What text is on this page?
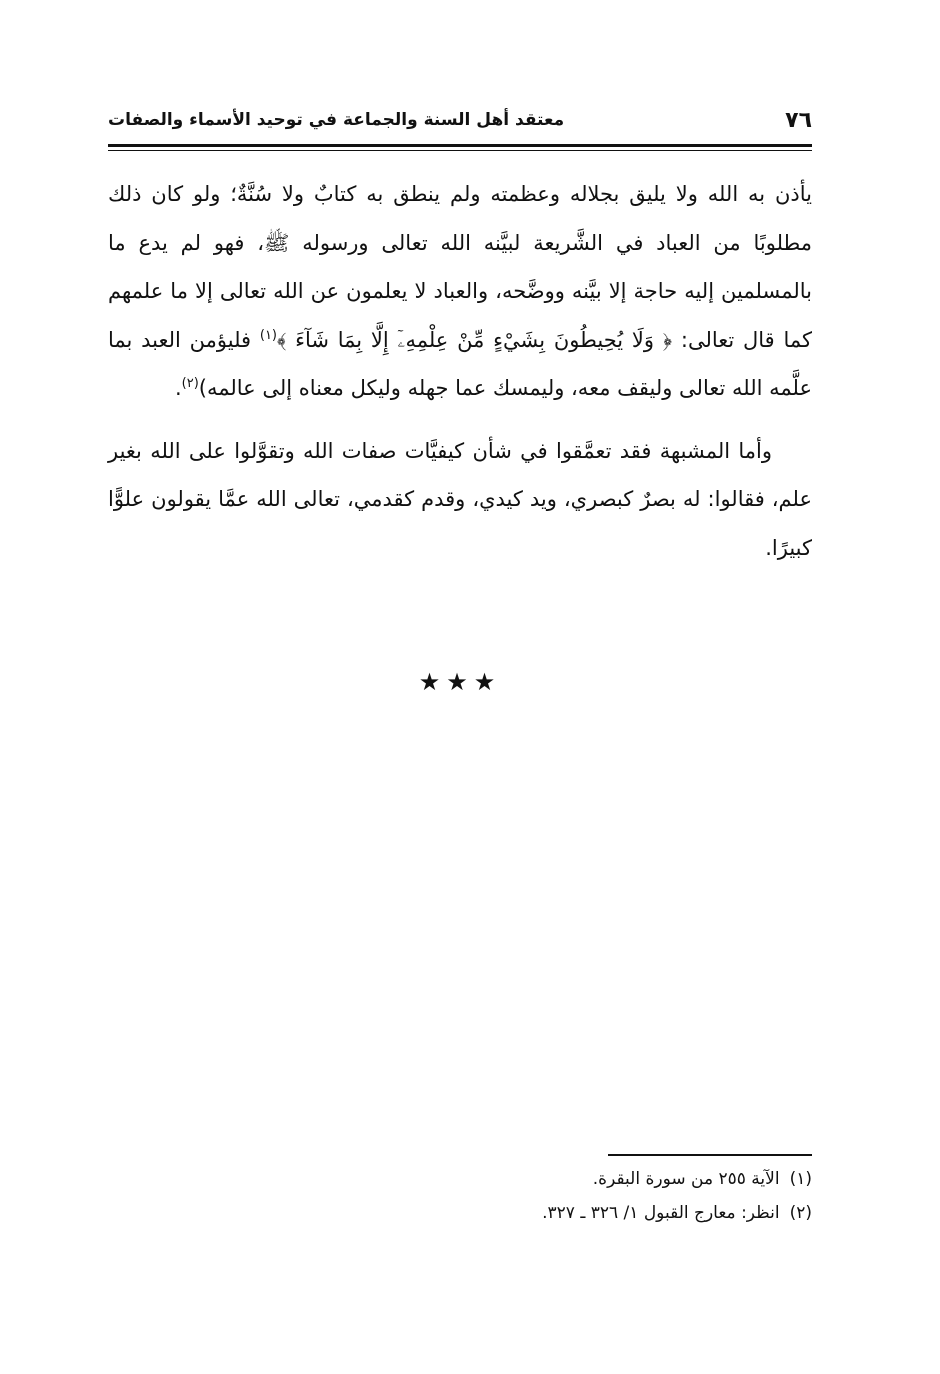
٧٦
معتقد أهل السنة والجماعة في توحيد الأسماء والصفات

يأذن به الله ولا يليق بجلاله وعظمته ولم ينطق به كتابٌ ولا سُنَّةٌ؛ ولو كان ذلك مطلوبًا من العباد في الشَّريعة لبيَّنه الله تعالى ورسوله ﷺ، فهو لم يدع ما بالمسلمين إليه حاجة إلا بيَّنه ووضَّحه، والعباد لا يعلمون عن الله تعالى إلا ما علمهم كما قال تعالى: ﴿ وَلَا يُحِيطُونَ بِشَيْءٍ مِّنْ عِلْمِهِۦٓ إِلَّا بِمَا شَآءَ ﴾$^{(١)}$ فليؤمن العبد بما علَّمه الله تعالى وليقف معه، وليمسك عما جهله وليكل معناه إلى عالمه)$^{(٢)}$.

وأما المشبهة فقد تعمَّقوا في شأن كيفيَّات صفات الله وتقوَّلوا على الله بغير علم، فقالوا: له بصرٌ كبصري، ويد كيدي، وقدم كقدمي، تعالى الله عمَّا يقولون علوًّا كبيرًا.

★★★

(١)الآية ٢٥٥ من سورة البقرة.

(٢)انظر: معارج القبول ١/ ٣٢٦ ـ ٣٢٧.
